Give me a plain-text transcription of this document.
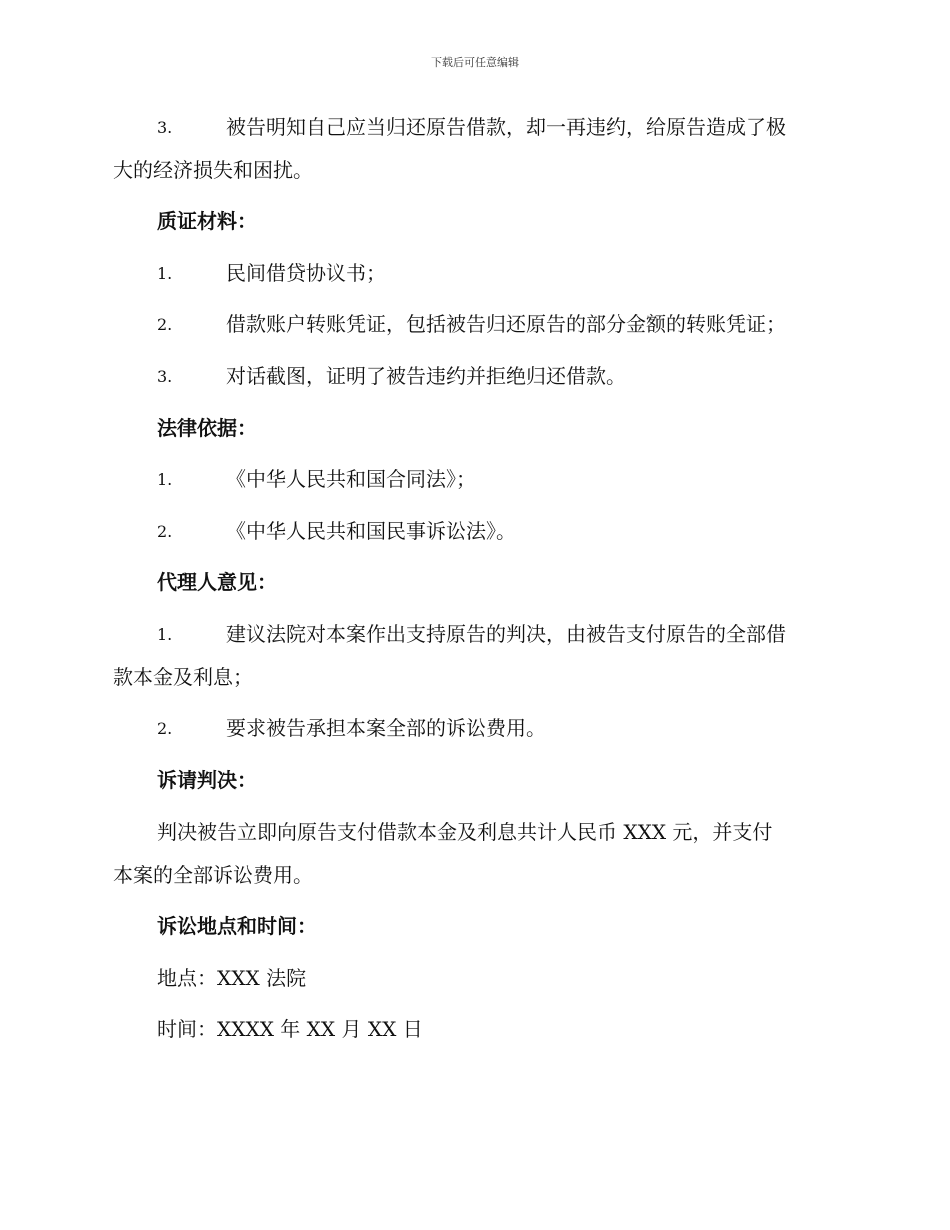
下载后可任意编辑
3.	被告明知自己应当归还原告借款，却一再违约，给原告造成了极
大的经济损失和困扰。
质证材料：
1.	民间借贷协议书；
2.	借款账户转账凭证，包括被告归还原告的部分金额的转账凭证；
3.	对话截图，证明了被告违约并拒绝归还借款。
法律依据：
1.	《中华人民共和国合同法》；
2.	《中华人民共和国民事诉讼法》。
代理人意见：
1.	建议法院对本案作出支持原告的判决，由被告支付原告的全部借
款本金及利息；
2.	要求被告承担本案全部的诉讼费用。
诉请判决：
判决被告立即向原告支付借款本金及利息共计人民币 XXX 元，并支付
本案的全部诉讼费用。
诉讼地点和时间：
地点：XXX 法院
时间：XXXX 年 XX 月 XX 日
